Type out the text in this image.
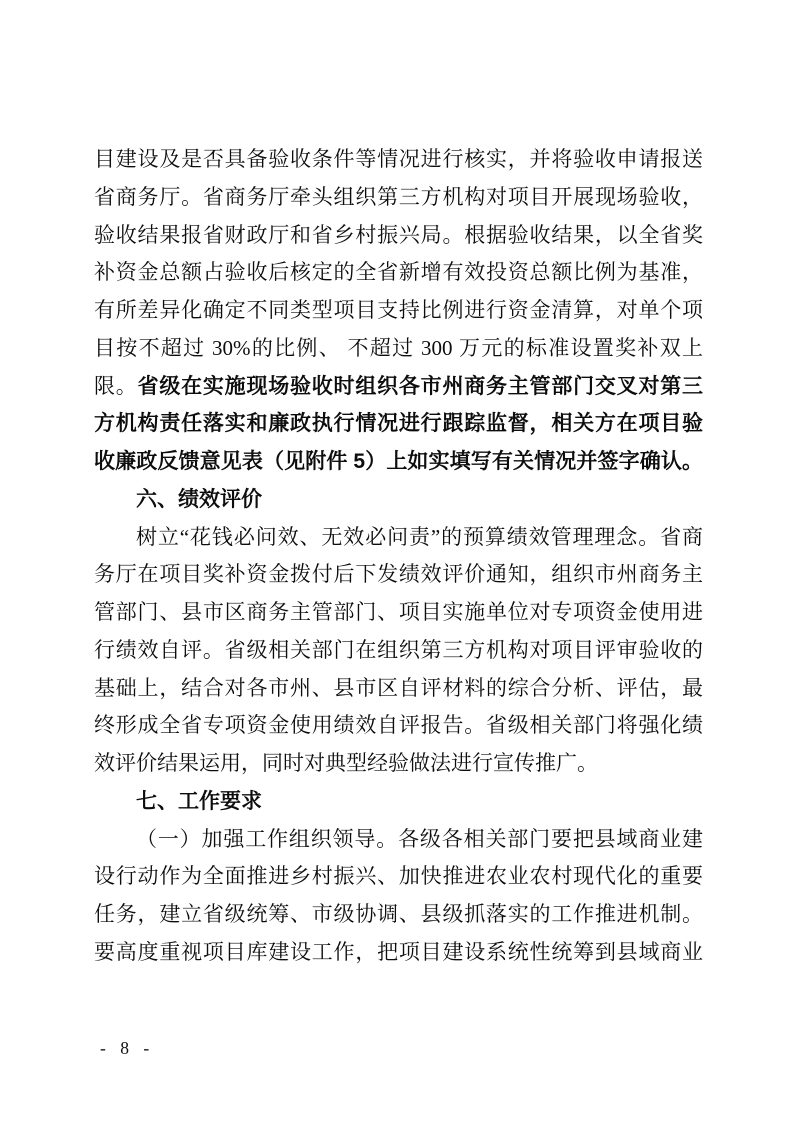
目建设及是否具备验收条件等情况进行核实，并将验收申请报送
省商务厅。省商务厅牵头组织第三方机构对项目开展现场验收，
验收结果报省财政厅和省乡村振兴局。根据验收结果，以全省奖
补资金总额占验收后核定的全省新增有效投资总额比例为基准，
有所差异化确定不同类型项目支持比例进行资金清算，对单个项
目按不超过 30%的比例、 不超过 300 万元的标准设置奖补双上
限。省级在实施现场验收时组织各市州商务主管部门交叉对第三
方机构责任落实和廉政执行情况进行跟踪监督，相关方在项目验
收廉政反馈意见表（见附件 5）上如实填写有关情况并签字确认。
六、绩效评价
树立“花钱必问效、无效必问责”的预算绩效管理理念。省商
务厅在项目奖补资金拨付后下发绩效评价通知，组织市州商务主
管部门、县市区商务主管部门、项目实施单位对专项资金使用进
行绩效自评。省级相关部门在组织第三方机构对项目评审验收的
基础上，结合对各市州、县市区自评材料的综合分析、评估，最
终形成全省专项资金使用绩效自评报告。省级相关部门将强化绩
效评价结果运用，同时对典型经验做法进行宣传推广。
七、工作要求
（一）加强工作组织领导。各级各相关部门要把县域商业建
设行动作为全面推进乡村振兴、加快推进农业农村现代化的重要
任务，建立省级统筹、市级协调、县级抓落实的工作推进机制。
要高度重视项目库建设工作，把项目建设系统性统筹到县域商业
- 8 -
